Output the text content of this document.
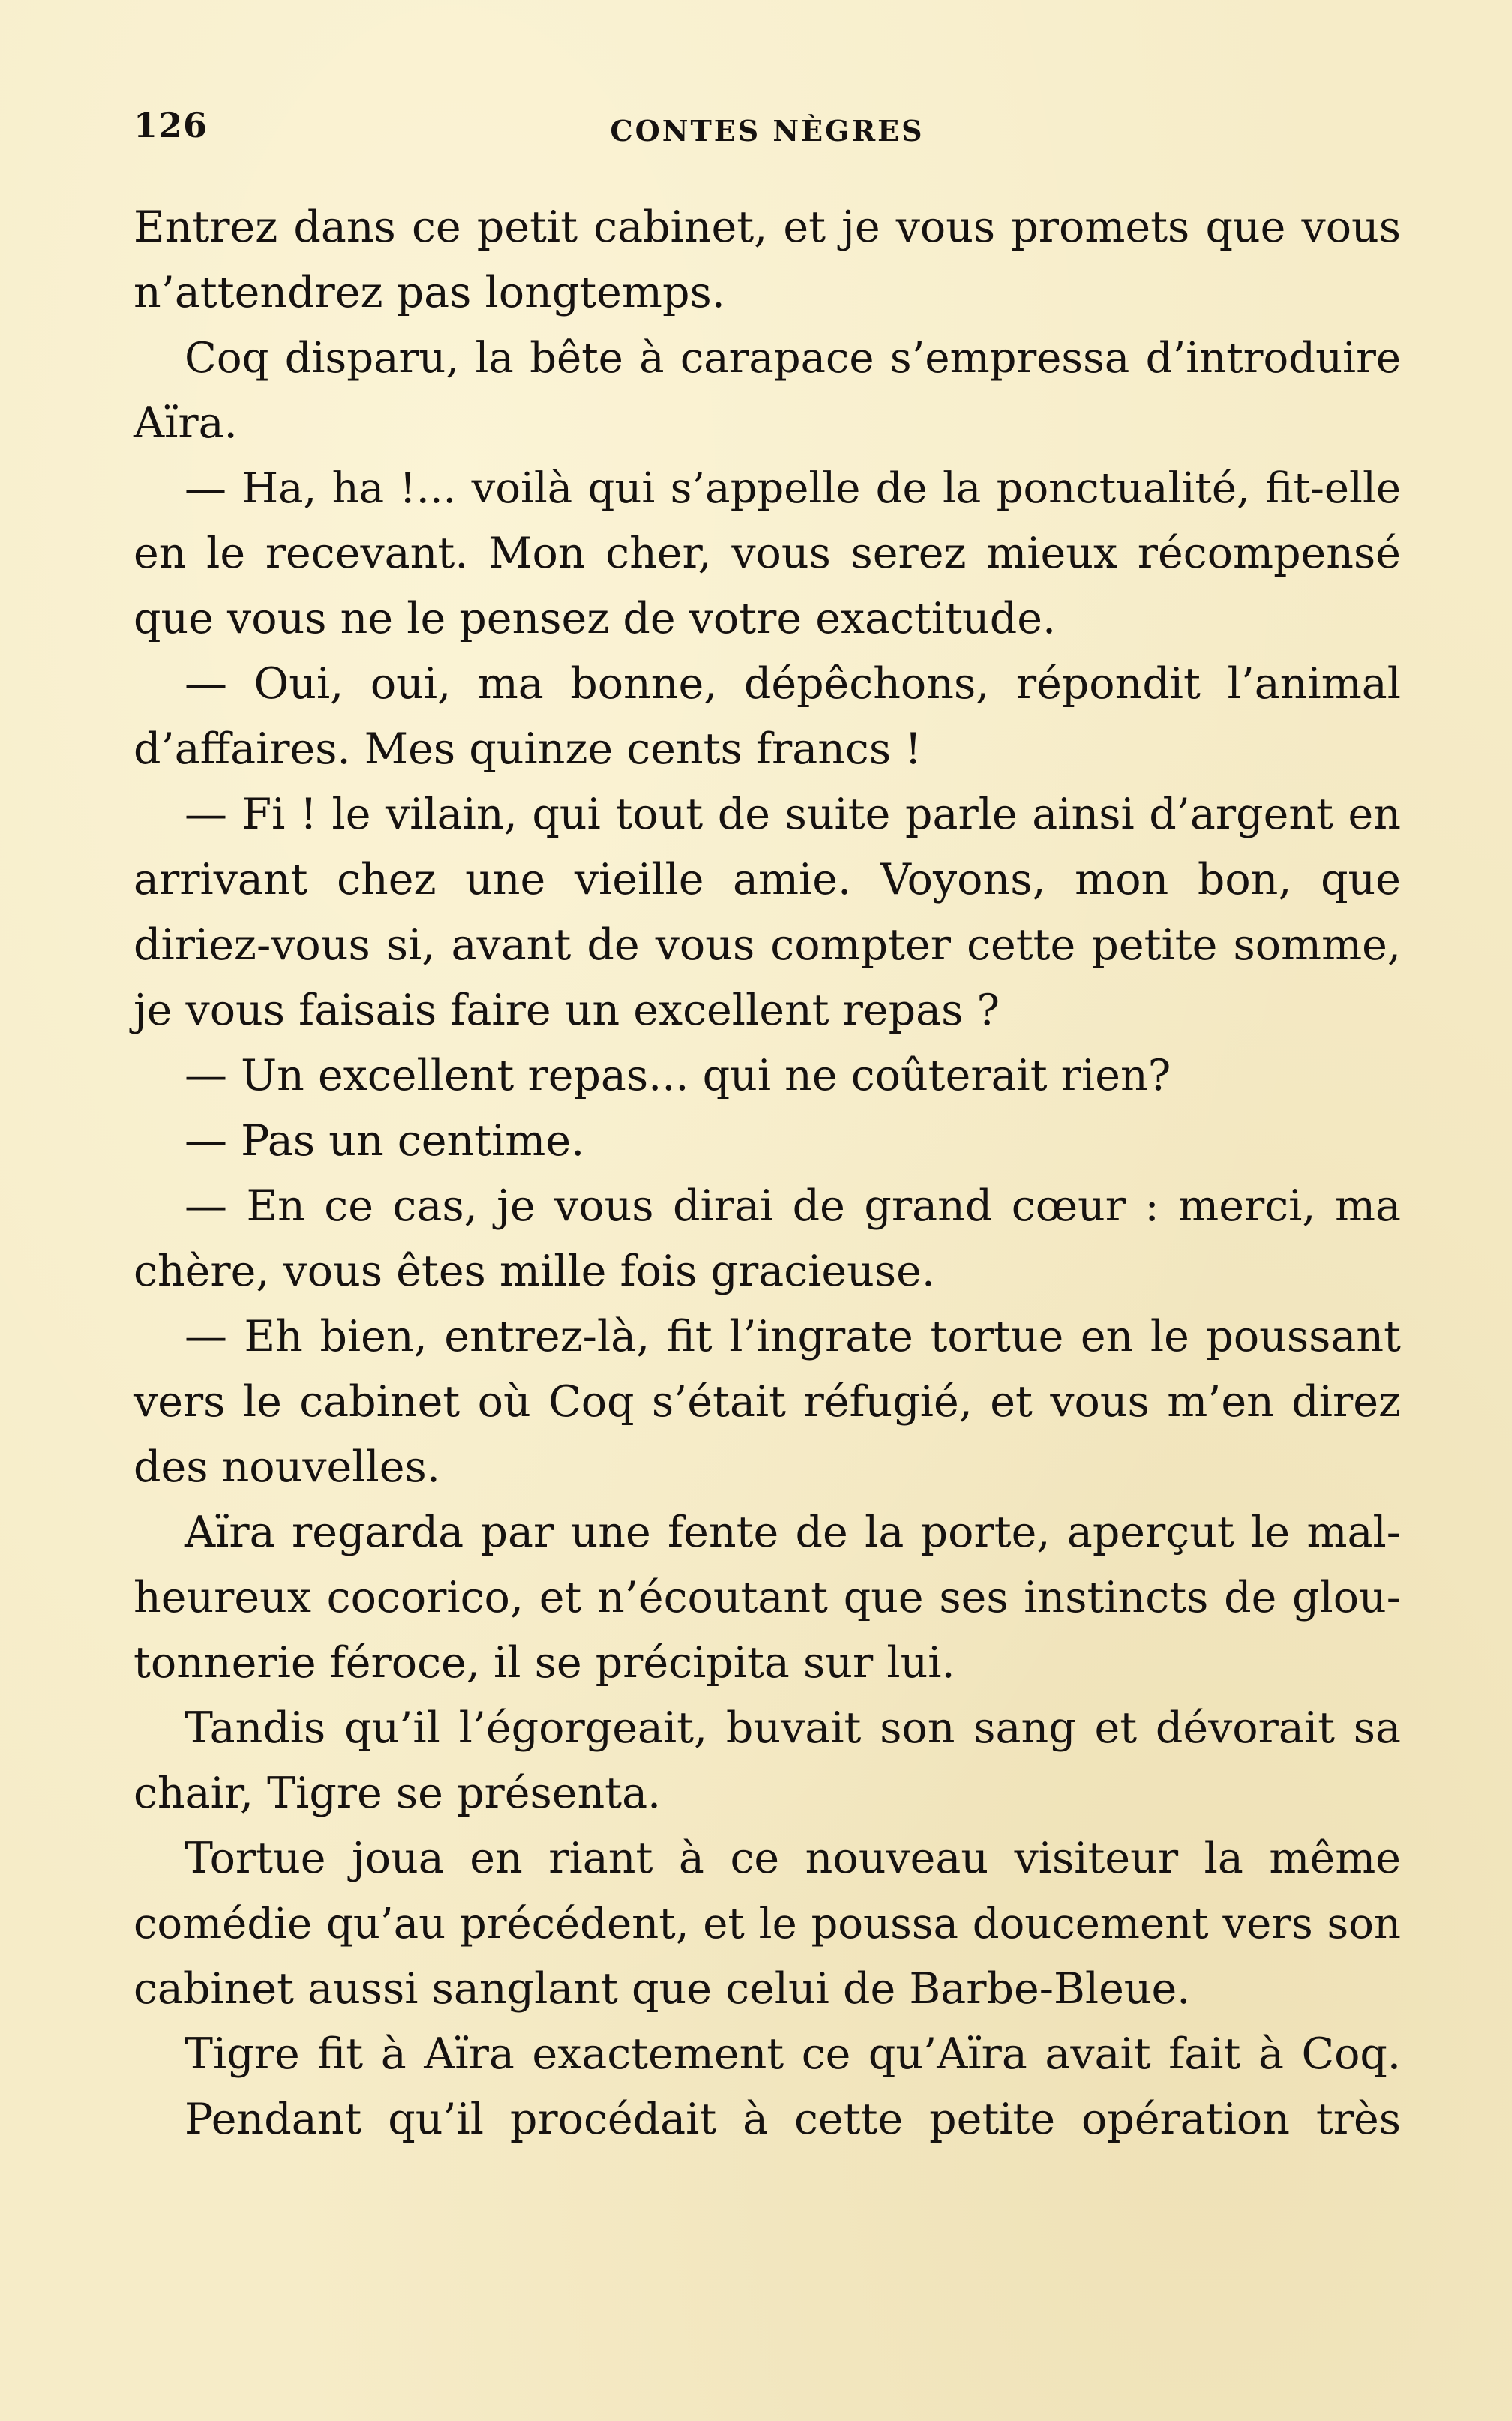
126	CONTES NÈGRES
Entrez dans ce petit cabinet, et je vous promets que vous
n’attendrez pas longtemps.
Coq disparu, la bête à carapace s’empressa d’introduire
Aïra.
— Ha, ha !... voilà qui s’appelle de la ponctualité, fit-elle
en le recevant. Mon cher, vous serez mieux récompensé
que vous ne le pensez de votre exactitude.
— Oui, oui, ma bonne, dépêchons, répondit l’animal
d’affaires. Mes quinze cents francs !
— Fi ! le vilain, qui tout de suite parle ainsi d’argent en
arrivant chez une vieille amie. Voyons, mon bon, que
diriez-vous si, avant de vous compter cette petite somme,
je vous faisais faire un excellent repas ?
— Un excellent repas... qui ne coûterait rien?
— Pas un centime.
— En ce cas, je vous dirai de grand cœur : merci, ma
chère, vous êtes mille fois gracieuse.
— Eh bien, entrez-là, fit l’ingrate tortue en le poussant
vers le cabinet où Coq s’était réfugié, et vous m’en direz
des nouvelles.
Aïra regarda par une fente de la porte, aperçut le mal-
heureux cocorico, et n’écoutant que ses instincts de glou-
tonnerie féroce, il se précipita sur lui.
Tandis qu’il l’égorgeait, buvait son sang et dévorait sa
chair, Tigre se présenta.
Tortue joua en riant à ce nouveau visiteur la même
comédie qu’au précédent, et le poussa doucement vers son
cabinet aussi sanglant que celui de Barbe-Bleue.
Tigre fit à Aïra exactement ce qu’Aïra avait fait à Coq.
Pendant qu’il procédait à cette petite opération très
